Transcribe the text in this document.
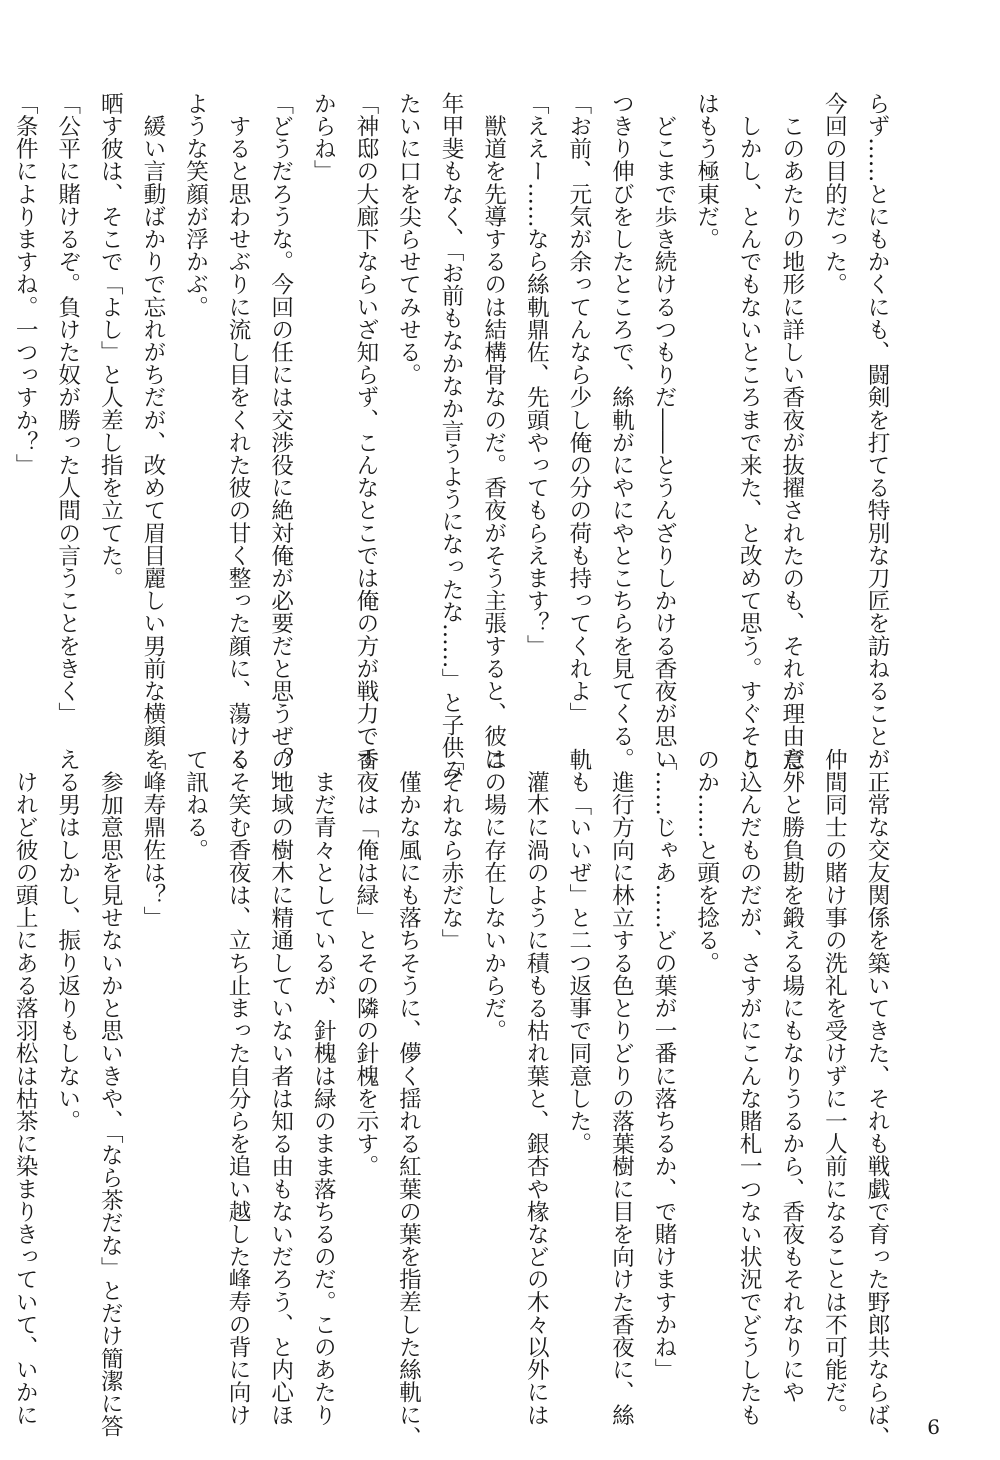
らず……とにもかくにも、闘剣を打てる特別な刀匠を訪ねることが
今回の目的だった。
　このあたりの地形に詳しい香夜が抜擢されたのも、それが理由だ。
　しかし、とんでもないところまで来た、と改めて思う。すぐそこ
はもう極東だ。
　どこまで歩き続けるつもりだ――とうんざりしかける香夜が思い
つきり伸びをしたところで、絲軌がにやにやとこちらを見てくる。
「お前、元気が余ってんなら少し俺の分の荷も持ってくれよ」
「ええー……なら絲軌鼎佐、先頭やってもらえます？」
　獣道を先導するのは結構骨なのだ。香夜がそう主張すると、彼は
年甲斐もなく、「お前もなかなか言うようになったな……」と子供み
たいに口を尖らせてみせる。
「神邸の大廊下ならいざ知らず、こんなとこでは俺の方が戦力です
からね」
「どうだろうな。今回の任には交渉役に絶対俺が必要だと思うぜ？」
　すると思わせぶりに流し目をくれた彼の甘く整った顔に、蕩ける
ような笑顔が浮かぶ。
　緩い言動ばかりで忘れがちだが、改めて眉目麗しい男前な横顔を
晒す彼は、そこで「よし」と人差し指を立てた。
「公平に賭けるぞ。負けた奴が勝った人間の言うことをきく」
「条件によりますね。一つっすか？」
　正常な交友関係を築いてきた、それも戦戯で育った野郎共ならば、
仲間同士の賭け事の洗礼を受けずに一人前になることは不可能だ。
意外と勝負勘を鍛える場にもなりうるから、香夜もそれなりにや
り込んだものだが、さすがにこんな賭札一つない状況でどうしたも
のか……と頭を捻る。
「……じゃあ……どの葉が一番に落ちるか、で賭けますかね」
　進行方向に林立する色とりどりの落葉樹に目を向けた香夜に、絲
軌も「いいぜ」と二つ返事で同意した。
　灌木に渦のように積もる枯れ葉と、銀杏や椽などの木々以外には
この場に存在しないからだ。
「それなら赤だな」
　僅かな風にも落ちそうに、儚く揺れる紅葉の葉を指差した絲軌に、
香夜は「俺は緑」とその隣の針槐を示す。
　まだ青々としているが、針槐は緑のまま落ちるのだ。このあたり
の地域の樹木に精通していない者は知る由もないだろう、と内心ほ
くそ笑む香夜は、立ち止まった自分らを追い越した峰寿の背に向け
て訊ねる。
「峰寿鼎佐は？」
　参加意思を見せないかと思いきや、「なら茶だな」とだけ簡潔に答
える男はしかし、振り返りもしない。
　けれど彼の頭上にある落羽松は枯茶に染まりきっていて、いかに
6
